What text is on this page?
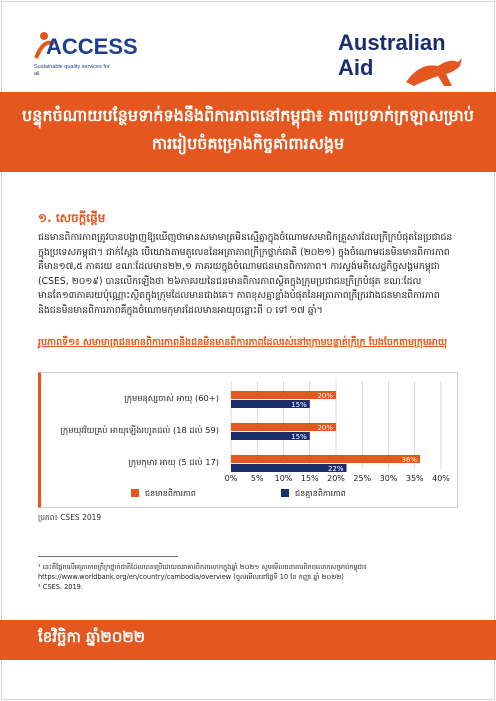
ACCESS
Sustainable quality services for all
Australian
Aid
បន្ទុកចំណាយបន្ថែមទាក់ទងនឹងពិការភាពនៅកម្ពុជា៖ ភាពប្រទាក់ក្រឡាសម្រាប់ការរៀបចំគម្រោងកិច្ចគាំពារសង្គម
១. សេចក្ដីផ្ដើម
ជនមានពិការភាពត្រូវបានបង្ហាញឱ្យឃើញថាមានសមាមាត្រមិនស្មើគ្នាក្នុងចំណោមសមាជិកគ្រួសារដែលក្រីក្របំផុតនៃប្រជាជនក្នុងប្រទេសកម្ពុជា។ ជាក់ស្តែង បើយោងតាមតួលេខនៃអត្រាភាពក្រីក្រថ្នាក់ជាតិ (២០២១) ក្នុងចំណោមជនមិនមានពិការភាព គឺមាន១៧,៥ ភាគរយ ខណៈដែលមាន២២,១ ភាគរយក្នុងចំណោមជនមានពិការភាព។ ការស្ទង់មតិសេដ្ឋកិច្ចសង្គមកម្ពុជា (CSES, ២០១៩) បានលើកឡើងថា ២៦ភាគរយនៃជនមានពិការភាពស្ថិតក្នុងក្រុមប្រជាជនក្រីក្របំផុត ខណៈដែលមានតែ១៣ភាគរយប៉ុណ្ណោះស្ថិតក្នុងក្រុមដែលមានជាងគេ។ ភាពខុសគ្នាខ្លាំងបំផុតនៃអត្រាភាពក្រីក្ររវាងជនមានពិការភាព និងជនមិនមានពិការភាពគឺក្នុងចំណោមកុមារដែលមានអាយុចន្លោះពី ០ ទៅ ១៧ ឆ្នាំ។
រូបភាពទី១៖ សមាមាត្រជនមានពិការភាពនិងជនមិនមានពិការភាពដែលរស់នៅក្រោមបន្ទាត់ក្រីក្រ បែងចែកតាមក្រុមអាយុ
ក្រុមមនុស្សចាស់ អាយុ (60+)
ក្រុមយុវវ័យគ្រប់ អាយុឡើងរហូតដល់ (18 ដល់ 59)
ក្រុមកុមារ អាយុ (5 ដល់ 17)
0% 5% 10% 15% 20% 25% 30% 35% 40%
20%
15%
20%
15%
36%
22%
ជនមានពិការភាព	ជនគ្មានពិការភាព
ប្រភព៖ CSES 2019
¹ នេះគឺផ្អែកលើអត្រាភាពក្រីក្រថ្នាក់ជាតិដែលបានប្រើដោយធនាគារពិភពលោកក្នុងឆ្នាំ ២០២១ សូមមើលធនាគារពិភពលោកសម្រាប់កម្ពុជា៖
https://www.worldbank.org/en/country/cambodia/overview (ចូលមើលនៅថ្ងៃទី 10 ខែ កញ្ញា ឆ្នាំ ២០២២)
² CSES. 2019.
ខែវិច្ឆិកា ឆ្នាំ២០២២
